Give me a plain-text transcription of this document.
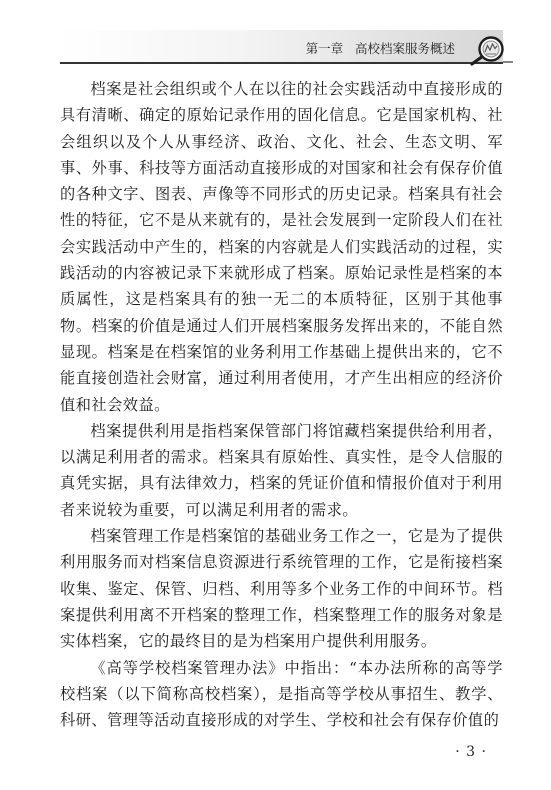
第一章   高校档案服务概述

档案是社会组织或个人在以往的社会实践活动中直接形成的具有清晰、确定的原始记录作用的固化信息。它是国家机构、社会组织以及个人从事经济、政治、文化、社会、生态文明、军事、外事、科技等方面活动直接形成的对国家和社会有保存价值的各种文字、图表、声像等不同形式的历史记录。档案具有社会性的特征，它不是从来就有的，是社会发展到一定阶段人们在社会实践活动中产生的，档案的内容就是人们实践活动的过程，实践活动的内容被记录下来就形成了档案。原始记录性是档案的本质属性，这是档案具有的独一无二的本质特征，区别于其他事物。档案的价值是通过人们开展档案服务发挥出来的，不能自然显现。档案是在档案馆的业务利用工作基础上提供出来的，它不能直接创造社会财富，通过利用者使用，才产生出相应的经济价值和社会效益。

档案提供利用是指档案保管部门将馆藏档案提供给利用者，以满足利用者的需求。档案具有原始性、真实性，是令人信服的真凭实据，具有法律效力，档案的凭证价值和情报价值对于利用者来说较为重要，可以满足利用者的需求。

档案管理工作是档案馆的基础业务工作之一，它是为了提供利用服务而对档案信息资源进行系统管理的工作，它是衔接档案收集、鉴定、保管、归档、利用等多个业务工作的中间环节。档案提供利用离不开档案的整理工作，档案整理工作的服务对象是实体档案，它的最终目的是为档案用户提供利用服务。

《高等学校档案管理办法》中指出：“本办法所称的高等学校档案（以下简称高校档案），是指高等学校从事招生、教学、科研、管理等活动直接形成的对学生、学校和社会有保存价值的

· 3 ·
